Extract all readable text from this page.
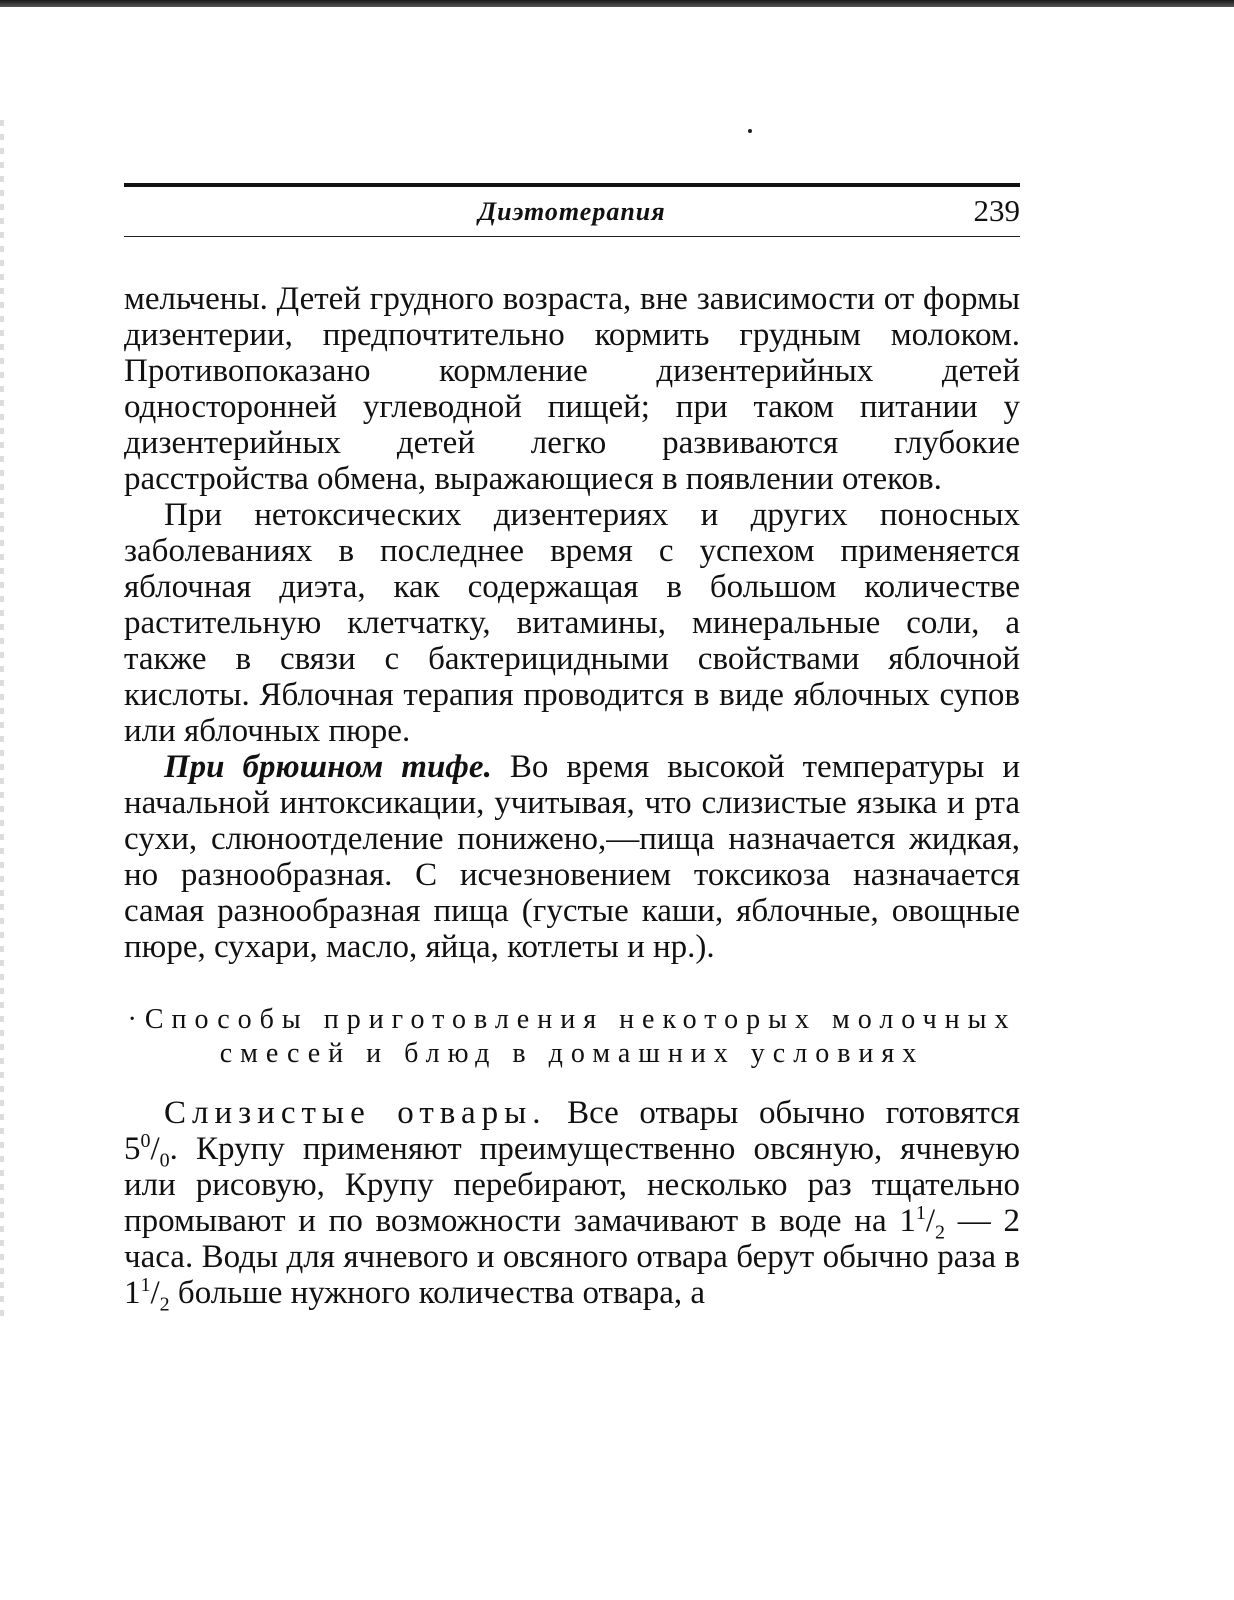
Диэтотерапия	239

мельчены. Детей грудного возраста, вне зависимости от формы дизентерии, предпочтительно кормить грудным молоком. Противопоказано кормление дизентерийных детей односторонней углеводной пищей; при таком питании у дизентерийных детей легко развиваются глубокие расстройства обмена, выражающиеся в появлении отеков.

При нетоксических дизентериях и других поносных заболеваниях в последнее время с успехом применяется яблочная диэта, как содержащая в большом количестве растительную клетчатку, витамины, минеральные соли, а также в связи с бактерицидными свойствами яблочной кислоты. Яблочная терапия проводится в виде яблочных супов или яблочных пюре.

При брюшном тифе. Во время высокой температуры и начальной интоксикации, учитывая, что слизистые языка и рта сухи, слюноотделение понижено,—пища назначается жидкая, но разнообразная. С исчезновением токсикоза назначается самая разнообразная пища (густые каши, яблочные, овощные пюре, сухари, масло, яйца, котлеты и нр.).

·Способы приготовления некоторых молочных смесей и блюд в домашних условиях

Слизистые отвары. Все отвары обычно готовятся $5^0/_0$. Крупу применяют преимущественно овсяную, ячневую или рисовую, Крупу перебирают, несколько раз тщательно промывают и по возможности замачивают в воде на $1^1/_2$ — 2 часа. Воды для ячневого и овсяного отвара берут обычно раза в $1^1/_2$ больше нужного количества отвара, а
